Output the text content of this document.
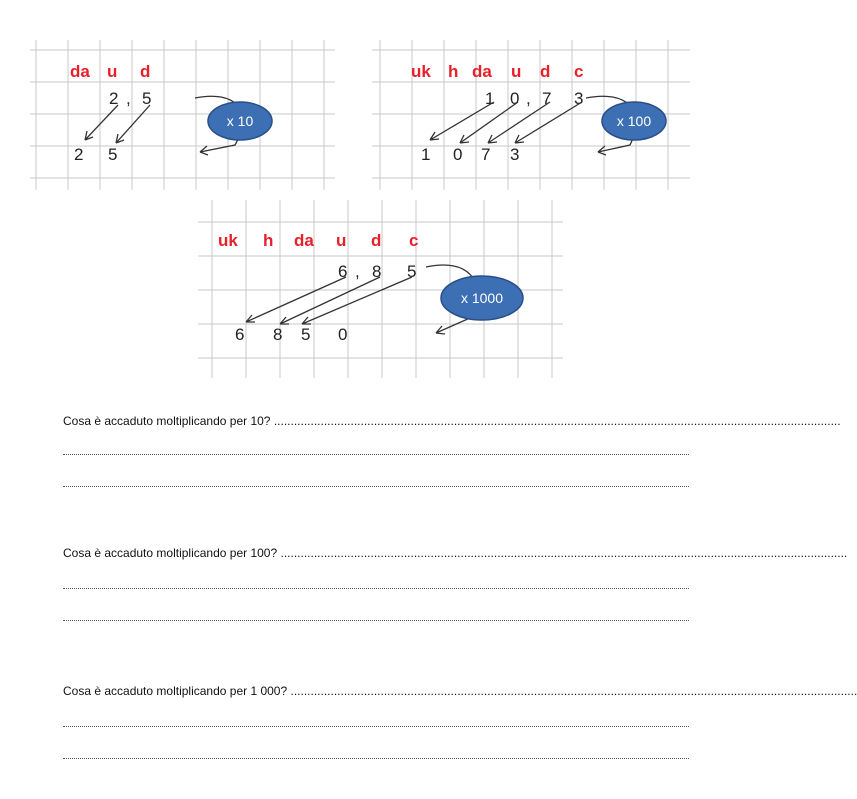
da u d
2 , 5
2 5
x 10
uk h da u d c
1 0 , 7 3
1 0 7 3
x 100
uk h da u d c
6 , 8 5
6 8 5 0
x 1000
Cosa è accaduto moltiplicando per 10? ..........................................................................................................................................................................
Cosa è accaduto moltiplicando per 100? ..........................................................................................................................................................................
Cosa è accaduto moltiplicando per 1 000? ..........................................................................................................................................................................
